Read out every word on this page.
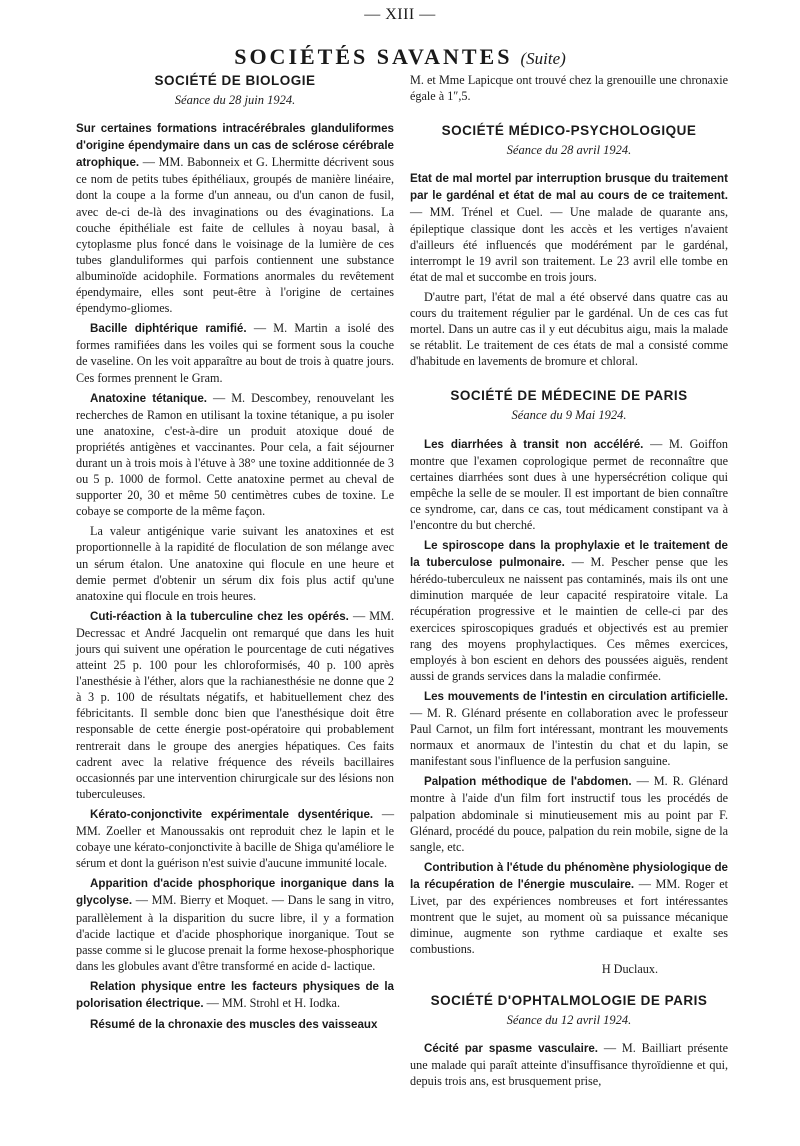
— XIII —
SOCIÉTÉS SAVANTES (Suite)
SOCIÉTÉ DE BIOLOGIE
Séance du 28 juin 1924.

Sur certaines formations intracérébrales glanduliformes d'origine épendymaire dans un cas de sclérose cérébrale atrophique. — MM. Babonneix et G. Lhermitte décrivent sous ce nom de petits tubes épithéliaux, groupés de manière linéaire, dont la coupe a la forme d'un anneau, ou d'un canon de fusil, avec de-ci de-là des invaginations ou des évaginations. La couche épithéliale est faite de cellules à noyau basal, à cytoplasme plus foncé dans le voisinage de la lumière de ces tubes glanduliformes qui parfois contiennent une substance albuminoïde acidophile. Formations anormales du revêtement épendymaire, elles sont peut-être à l'origine de certaines épendymo-gliomes.

Bacille diphtérique ramifié. — M. Martin a isolé des formes ramifiées dans les voiles qui se forment sous la couche de vaseline. On les voit apparaître au bout de trois à quatre jours. Ces formes prennent le Gram.

Anatoxine tétanique. — M. Descombey, renouvelant les recherches de Ramon en utilisant la toxine tétanique, a pu isoler une anatoxine, c'est-à-dire un produit atoxique doué de propriétés antigènes et vaccinantes. Pour cela, a fait séjourner durant un à trois mois à l'étuve à 38° une toxine additionnée de 3 ou 5 p. 1000 de formol. Cette anatoxine permet au cheval de supporter 20, 30 et même 50 centimètres cubes de toxine. Le cobaye se comporte de la même façon.

La valeur antigénique varie suivant les anatoxines et est proportionnelle à la rapidité de floculation de son mélange avec un sérum étalon. Une anatoxine qui flocule en une heure et demie permet d'obtenir un sérum dix fois plus actif qu'une anatoxine qui flocule en trois heures.

Cuti-réaction à la tuberculine chez les opérés. — MM. Decressac et André Jacquelin ont remarqué que dans les huit jours qui suivent une opération le pourcentage de cuti négatives atteint 25 p. 100 pour les chloroformisés, 40 p. 100 après l'anesthésie à l'éther, alors que la rachianesthésie ne donne que 2 à 3 p. 100 de résultats négatifs, et habituellement chez des fébricitants. Il semble donc bien que l'anesthésique doit être responsable de cette énergie post-opératoire qui probablement rentrerait dans le groupe des anergies hépatiques. Ces faits cadrent avec la relative fréquence des réveils bacillaires occasionnés par une intervention chirurgicale sur des lésions non tuberculeuses.

Kérato-conjonctivite expérimentale dysentérique. — MM. Zoeller et Manoussakis ont reproduit chez le lapin et le cobaye une kérato-conjonctivite à bacille de Shiga qu'améliore le sérum et dont la guérison n'est suivie d'aucune immunité locale.

Apparition d'acide phosphorique inorganique dans la glycolyse. — MM. Bierry et Moquet. — Dans le sang in vitro, parallèlement à la disparition du sucre libre, il y a formation d'acide lactique et d'acide phosphorique inorganique. Tout se passe comme si le glucose prenait la forme hexose-phosphorique dans les globules avant d'être transformé en acide d- lactique.

Relation physique entre les facteurs physiques de la polorisation électrique. — MM. Strohl et H. Iodka.

Résumé de la chronaxie des muscles des vaisseaux

M. et Mme Lapicque ont trouvé chez la grenouille une chronaxie égale à 1″,5.

SOCIÉTÉ MÉDICO-PSYCHOLOGIQUE
Séance du 28 avril 1924.

Etat de mal mortel par interruption brusque du traitement par le gardénal et état de mal au cours de ce traitement. — MM. Trénel et Cuel. — Une malade de quarante ans, épileptique classique dont les accès et les vertiges n'avaient d'ailleurs été influencés que modérément par le gardénal, interrompt le 19 avril son traitement. Le 23 avril elle tombe en état de mal et succombe en trois jours.

D'autre part, l'état de mal a été observé dans quatre cas au cours du traitement régulier par le gardénal. Un de ces cas fut mortel. Dans un autre cas il y eut décubitus aigu, mais la malade se rétablit. Le traitement de ces états de mal a consisté comme d'habitude en lavements de bromure et chloral.

SOCIÉTÉ DE MÉDECINE DE PARIS
Séance du 9 Mai 1924.

Les diarrhées à transit non accéléré. — M. Goiffon montre que l'examen coprologique permet de reconnaître que certaines diarrhées sont dues à une hypersécrétion colique qui empêche la selle de se mouler. Il est important de bien connaître ce syndrome, car, dans ce cas, tout médicament constipant va à l'encontre du but cherché.

Le spiroscope dans la prophylaxie et le traitement de la tuberculose pulmonaire. — M. Pescher pense que les hérédo-tuberculeux ne naissent pas contaminés, mais ils ont une diminution marquée de leur capacité respiratoire vitale. La récupération progressive et le maintien de celle-ci par des exercices spiroscopiques gradués et objectivés est au premier rang des moyens prophylactiques. Ces mêmes exercices, employés à bon escient en dehors des poussées aiguës, rendent aussi de grands services dans la maladie confirmée.

Les mouvements de l'intestin en circulation artificielle. — M. R. Glénard présente en collaboration avec le professeur Paul Carnot, un film fort intéressant, montrant les mouvements normaux et anormaux de l'intestin du chat et du lapin, se manifestant sous l'influence de la perfusion sanguine.

Palpation méthodique de l'abdomen. — M. R. Glénard montre à l'aide d'un film fort instructif tous les procédés de palpation abdominale si minutieusement mis au point par F. Glénard, procédé du pouce, palpation du rein mobile, signe de la sangle, etc.

Contribution à l'étude du phénomène physiologique de la récupération de l'énergie musculaire. — MM. Roger et Livet, par des expériences nombreuses et fort intéressantes montrent que le sujet, au moment où sa puissance mécanique diminue, augmente son rythme cardiaque et exalte ses combustions.

H Duclaux.
SOCIÉTÉ D'OPHTALMOLOGIE DE PARIS
Séance du 12 avril 1924.

Cécité par spasme vasculaire. — M. Bailliart présente une malade qui paraît atteinte d'insuffisance thyroïdienne et qui, depuis trois ans, est brusquement prise,
